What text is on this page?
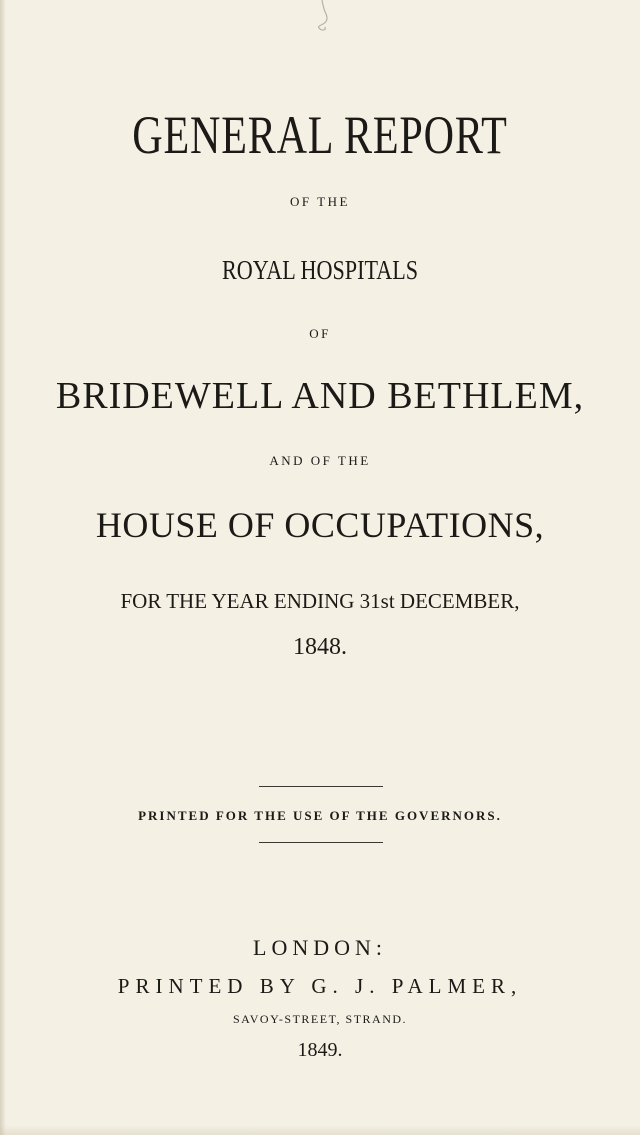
GENERAL REPORT
OF THE
ROYAL HOSPITALS
OF
BRIDEWELL AND BETHLEM,
AND OF THE
HOUSE OF OCCUPATIONS,
FOR THE YEAR ENDING 31st DECEMBER,
1848.
PRINTED FOR THE USE OF THE GOVERNORS.
LONDON:
PRINTED BY G. J. PALMER,
SAVOY-STREET, STRAND.
1849.
